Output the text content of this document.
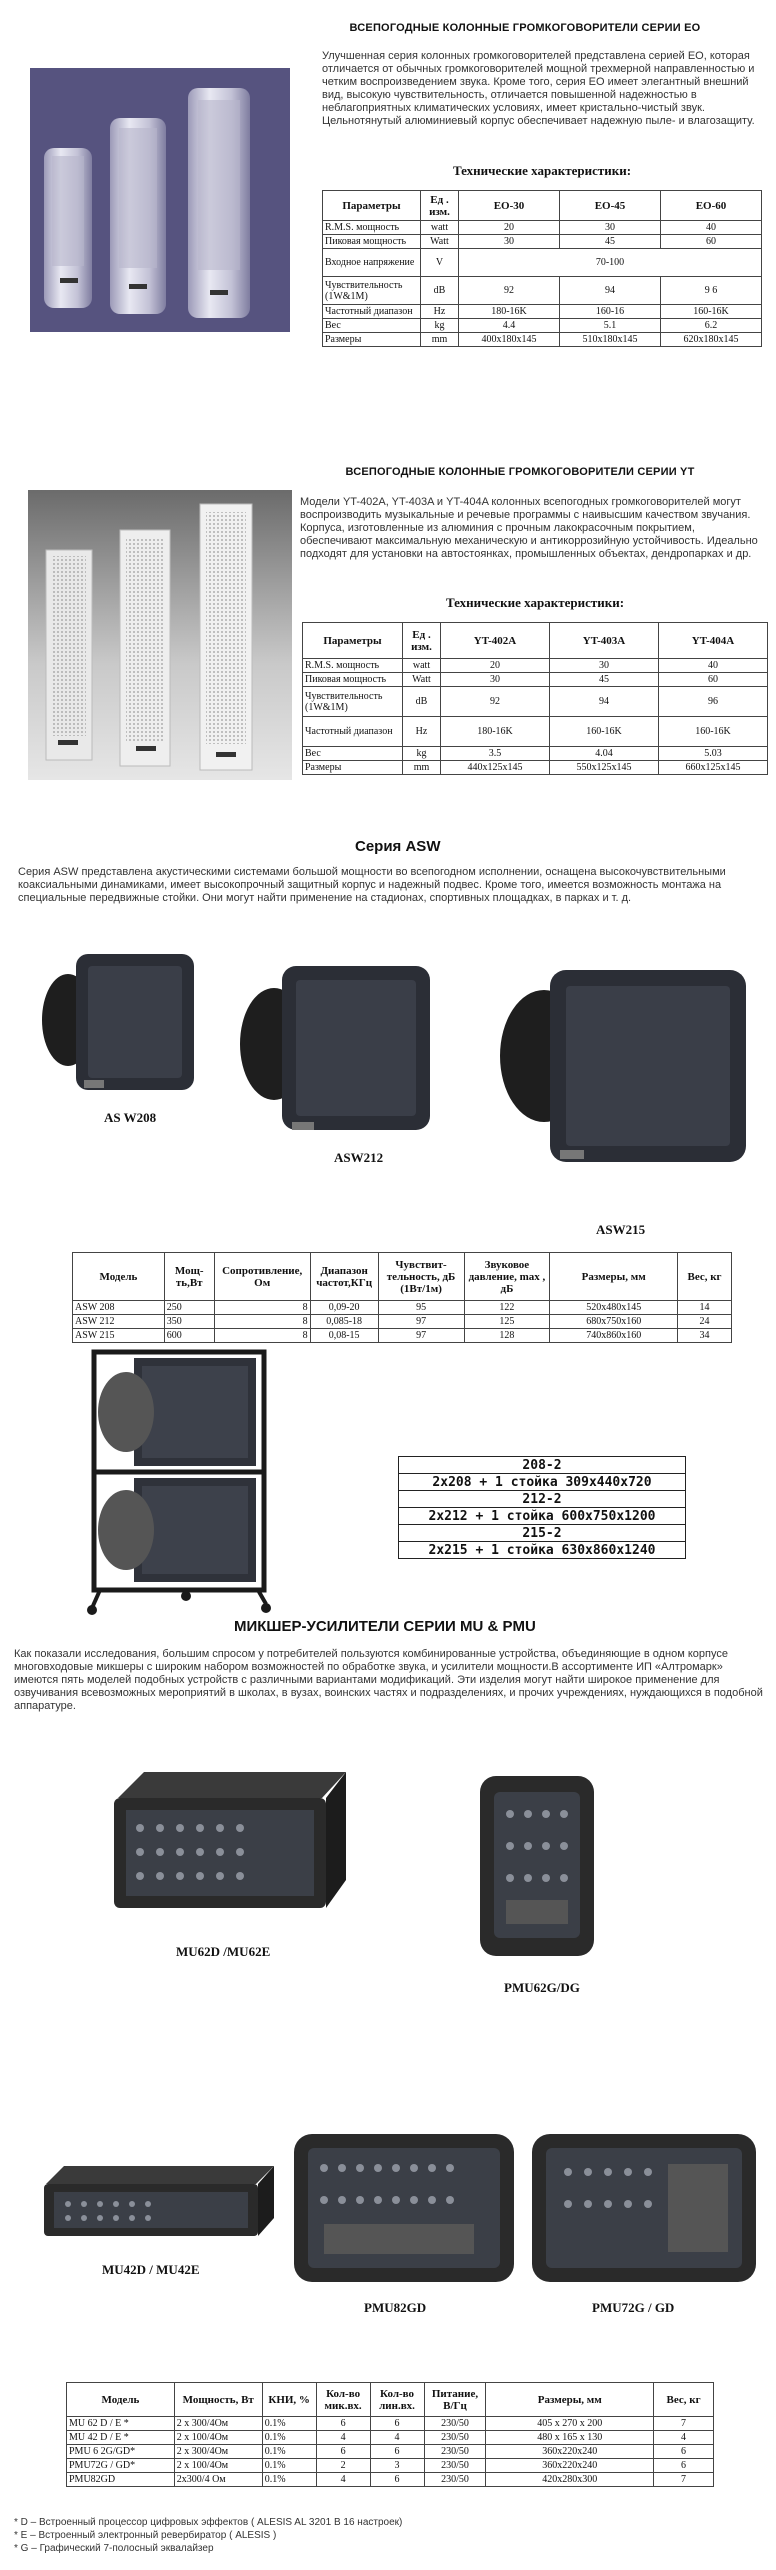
ВСЕПОГОДНЫЕ КОЛОННЫЕ ГРОМКОГОВОРИТЕЛИ СЕРИИ EO
Улучшенная серия колонных громкоговорителей представлена серией EO, которая отличается от обычных громкоговорителей мощной трехмерной направленностью и четким воспроизведением звука. Кроме того, серия EO имеет элегантный внешний вид, высокую чувствительность, отличается повышенной надежностью в неблагоприятных климатических условиях, имеет кристально-чистый звук. Цельнотянутый алюминиевый корпус обеспечивает надежную пыле- и влагозащиту.
Технические характеристики:
Параметры	Ед . изм.	EO-30	EO-45	EO-60
R.M.S. мощность	watt	20	30	40
Пиковая мощность	Watt	30	45	60
Входное напряжение	V	70-100		
Чувствительность (1W&1M)	dB	92	94	9 6
Частотный диапазон	Hz	180-16K	160-16	160-16K
Вес	kg	4.4	5.1	6.2
Размеры	mm	400х180х145	510х180х145	620х180х145
ВСЕПОГОДНЫЕ КОЛОННЫЕ ГРОМКОГОВОРИТЕЛИ СЕРИИ YT
Модели YT-402A, YT-403A и YT-404A колонных всепогодных громкоговорителей могут воспроизводить музыкальные и речевые программы с наивысшим качеством звучания. Корпуса, изготовленные из алюминия с прочным лакокрасочным покрытием, обеспечивают максимальную механическую и антикоррозийную устойчивость. Идеально подходят для установки на автостоянках, промышленных объектах, дендропарках и др.
Технические характеристики:
Параметры	Ед . изм.	YT-402A	YT-403A	YT-404A
R.M.S. мощность	watt	20	30	40
Пиковая мощность	Watt	30	45	60
Чувствительность (1W&1M)	dB	92	94	96
Частотный диапазон	Hz	180-16K	160-16K	160-16K
Вес	kg	3.5	4.04	5.03
Размеры	mm	440х125х145	550х125х145	660х125х145
Серия ASW
Серия ASW представлена акустическими системами большой мощности во всепогодном исполнении, оснащена высокочувствительными коаксиальными динамиками, имеет высокопрочный защитный корпус и надежный подвес. Кроме того, имеется возможность монтажа на специальные передвижные стойки. Они могут найти применение на стадионах, спортивных площадках, в парках и т. д.
AS W208
ASW212
ASW215
Модель	Мощ-ть,Вт	Сопротивление, Ом	Диапазон частот,КГц	Чувствит-тельность, дБ (1Вт/1м)	Звуковое давление, max , дБ	Размеры, мм	Вес, кг
ASW 208	250	8	0,09-20	95	122	520х480х145	14
ASW 212	350	8	0,085-18	97	125	680х750х160	24
ASW 215	600	8	0,08-15	97	128	740х860х160	34
208-2
2х208 + 1 стойка 309х440х720
212-2
2х212 + 1 стойка 600х750х1200
215-2
2х215 + 1 стойка 630х860х1240
МИКШЕР-УСИЛИТЕЛИ СЕРИИ MU & PMU
Как показали исследования, большим спросом у потребителей пользуются комбинированные устройства, объединяющие в одном корпусе многовходовые микшеры с широким набором возможностей по обработке звука, и усилители мощности.В ассортименте ИП «Алтромарк» имеются пять моделей подобных устройств с различными вариантами модификаций. Эти изделия могут найти широкое применение для озвучивания всевозможных мероприятий в школах, в вузах, воинских частях и подразделениях, и прочих учреждениях, нуждающихся в подобной аппаратуре.
MU62D /MU62E
PMU62G/DG
MU42D / MU42E
PMU82GD	PMU72G / GD
Модель	Мощность, Вт	КНИ, %	Кол-во мик.вх.	Кол-во лин.вх.	Питание, В/Гц	Размеры, мм	Вес, кг
MU 62 D / E *	2 х 300/4Ом	0.1%	6	6	230/50	405 х 270 х 200	7
MU 42 D / E *	2 х 100/4Ом	0.1%	4	4	230/50	480 х 165 х 130	4
PMU 6 2G/GD*	2 х 300/4Ом	0.1%	6	6	230/50	360х220х240	6
PMU72G / GD*	2 х 100/4Ом	0.1%	2	3	230/50	360х220х240	6
PMU82GD	2х300/4 Ом	0.1%	4	6	230/50	420х280х300	7
* D – Встроенный процессор цифровых эффектов ( ALESIS AL 3201 В 16 настроек)
* E – Встроенный электронный ревербиратор ( ALESIS )
* G – Графический 7-полосный эквалайзер
